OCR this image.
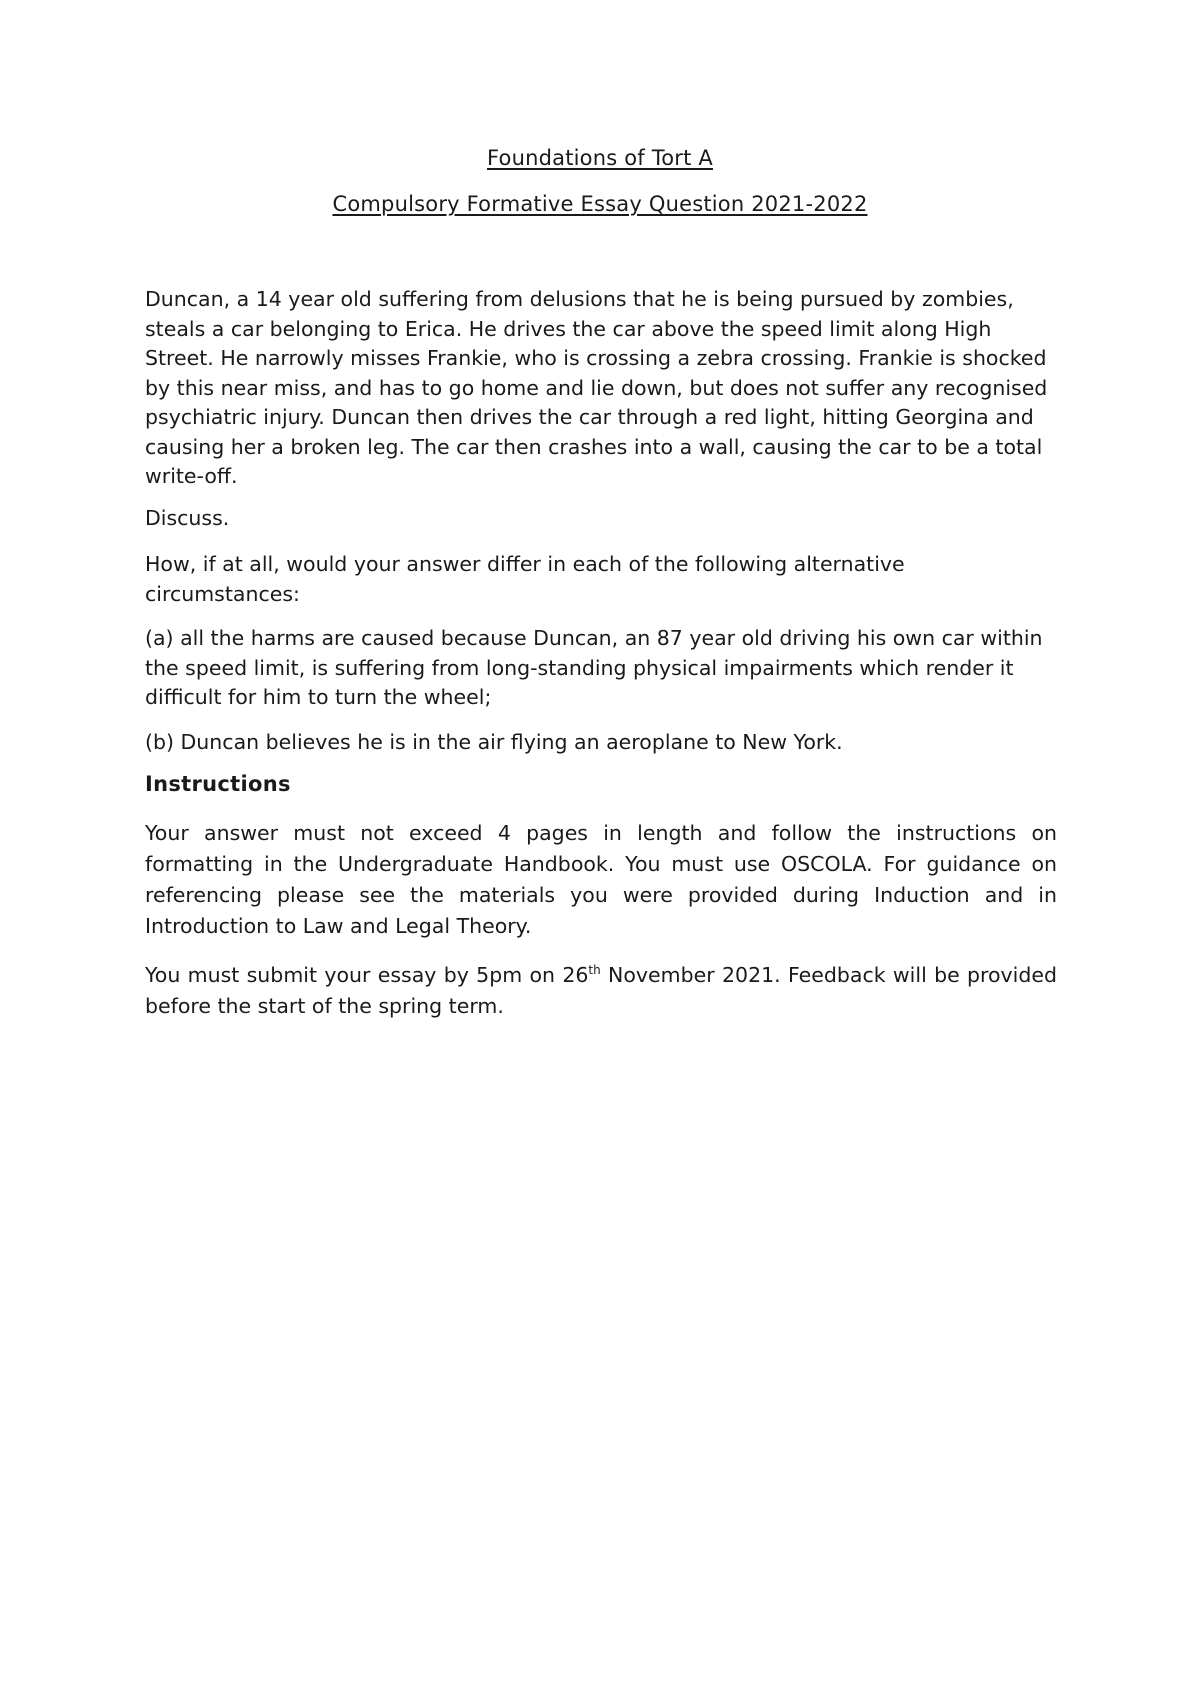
Foundations of Tort A
Compulsory Formative Essay Question 2021-2022
Duncan, a 14 year old suffering from delusions that he is being pursued by zombies, steals a car belonging to Erica. He drives the car above the speed limit along High Street. He narrowly misses Frankie, who is crossing a zebra crossing. Frankie is shocked by this near miss, and has to go home and lie down, but does not suffer any recognised psychiatric injury. Duncan then drives the car through a red light, hitting Georgina and causing her a broken leg. The car then crashes into a wall, causing the car to be a total write-off.
Discuss.
How, if at all, would your answer differ in each of the following alternative circumstances:
(a) all the harms are caused because Duncan, an 87 year old driving his own car within the speed limit, is suffering from long-standing physical impairments which render it difficult for him to turn the wheel;
(b) Duncan believes he is in the air flying an aeroplane to New York.
Instructions
Your answer must not exceed 4 pages in length and follow the instructions on formatting in the Undergraduate Handbook. You must use OSCOLA. For guidance on referencing please see the materials you were provided during Induction and in Introduction to Law and Legal Theory.
You must submit your essay by 5pm on 26th November 2021. Feedback will be provided before the start of the spring term.
